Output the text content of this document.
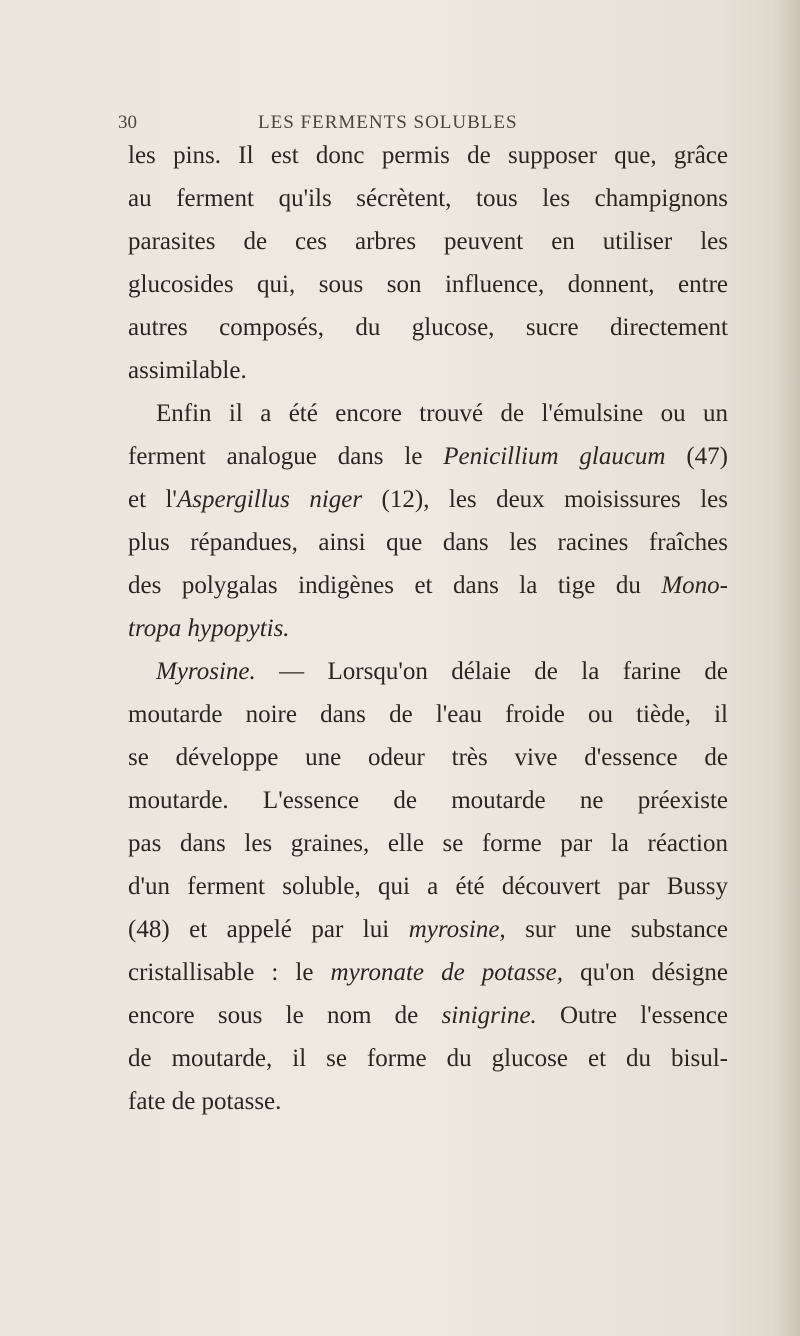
30	LES FERMENTS SOLUBLES
les pins. Il est donc permis de supposer que, grâce
au ferment qu'ils sécrètent, tous les champignons
parasites de ces arbres peuvent en utiliser les
glucosides qui, sous son influence, donnent, entre
autres composés, du glucose, sucre directement
assimilable.
Enfin il a été encore trouvé de l'émulsine ou un
ferment analogue dans le Penicillium glaucum (47)
et l'Aspergillus niger (12), les deux moisissures les
plus répandues, ainsi que dans les racines fraîches
des polygalas indigènes et dans la tige du Mono-
tropa hypopytis.
Myrosine. — Lorsqu'on délaie de la farine de
moutarde noire dans de l'eau froide ou tiède, il
se développe une odeur très vive d'essence de
moutarde. L'essence de moutarde ne préexiste
pas dans les graines, elle se forme par la réaction
d'un ferment soluble, qui a été découvert par Bussy
(48) et appelé par lui myrosine, sur une substance
cristallisable : le myronate de potasse, qu'on désigne
encore sous le nom de sinigrine. Outre l'essence
de moutarde, il se forme du glucose et du bisul-
fate de potasse.
